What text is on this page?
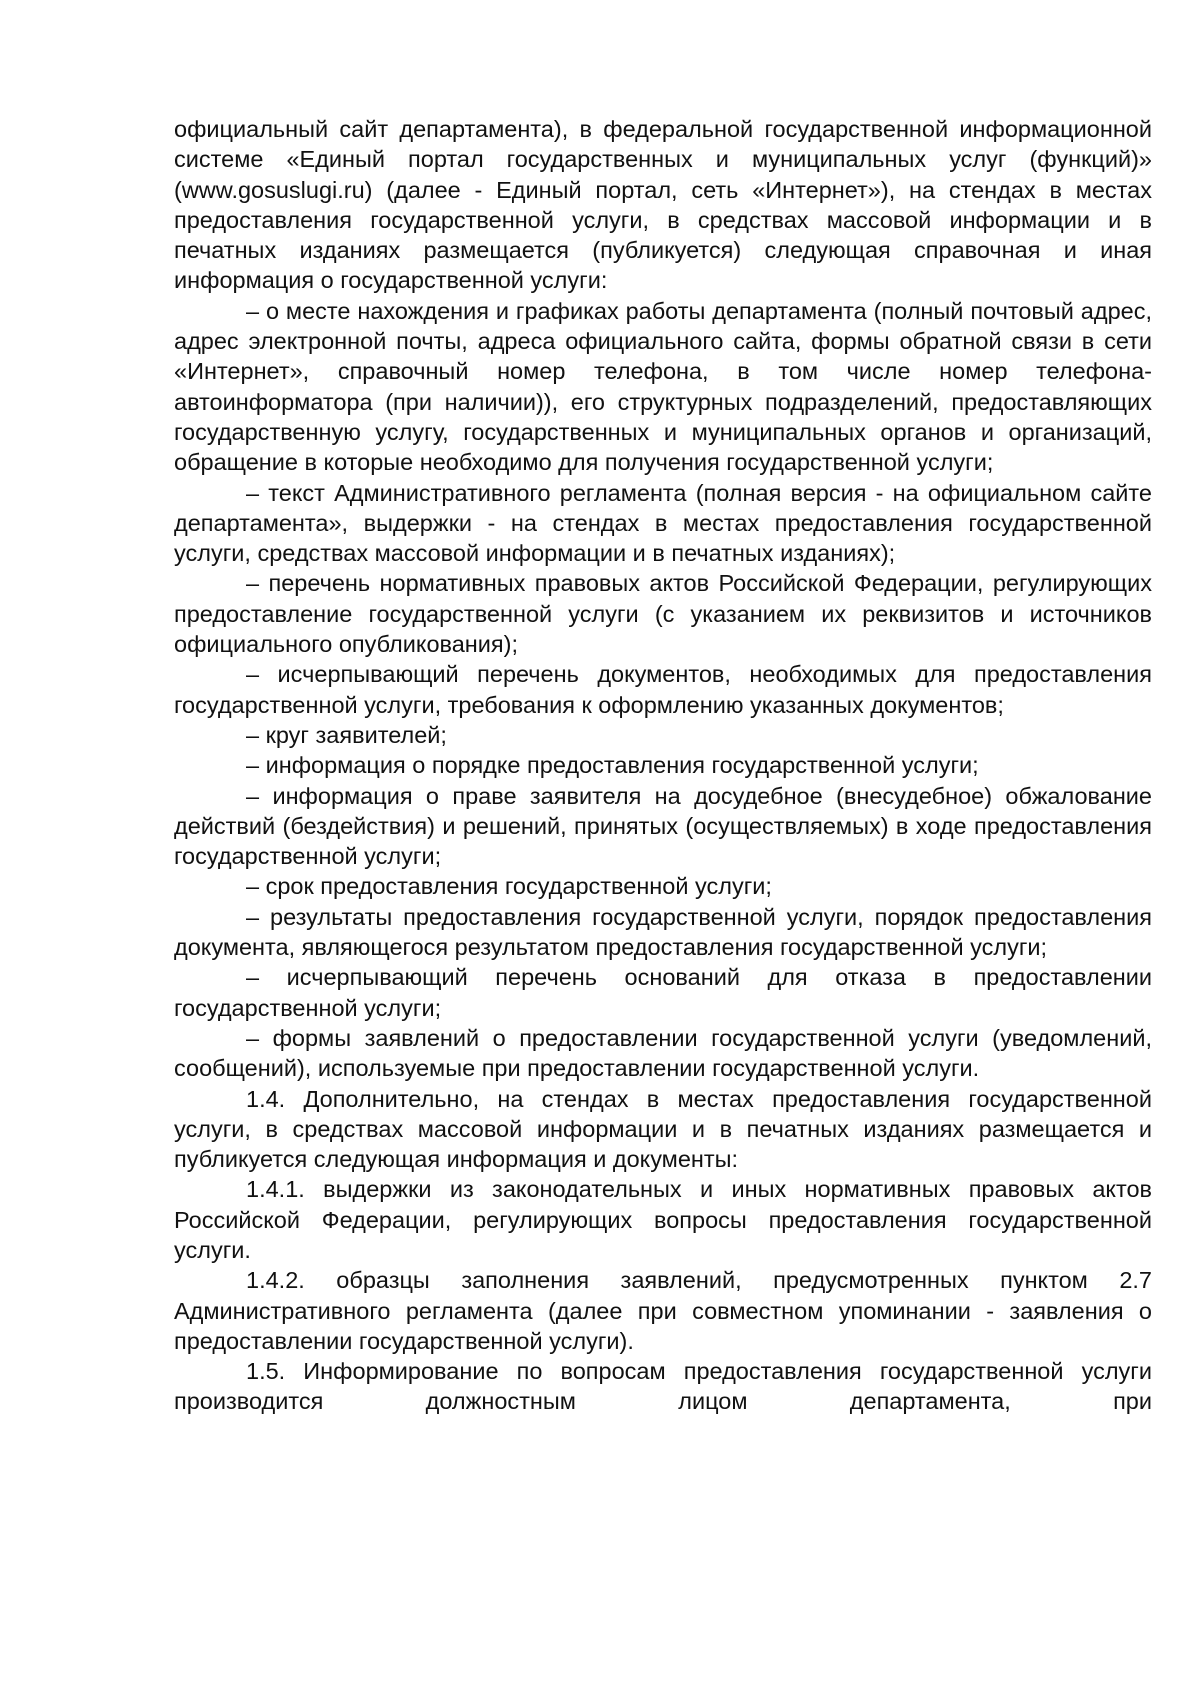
официальный сайт департамента), в федеральной государственной информационной системе «Единый портал государственных и муниципальных услуг (функций)» (www.gosuslugi.ru) (далее - Единый портал, сеть «Интернет»), на стендах в местах предоставления государственной услуги, в средствах массовой информации и в печатных изданиях размещается (публикуется) следующая справочная и иная информация о государственной услуги:

– о месте нахождения и графиках работы департамента (полный почтовый адрес, адрес электронной почты, адреса официального сайта, формы обратной связи в сети «Интернет», справочный номер телефона, в том числе номер телефона-автоинформатора (при наличии)), его структурных подразделений, предоставляющих государственную услугу, государственных и муниципальных органов и организаций, обращение в которые необходимо для получения государственной услуги;

– текст Административного регламента (полная версия - на официальном сайте департамента», выдержки - на стендах в местах предоставления государственной услуги, средствах массовой информации и в печатных изданиях);

– перечень нормативных правовых актов Российской Федерации, регулирующих предоставление государственной услуги (с указанием их реквизитов и источников официального опубликования);

– исчерпывающий перечень документов, необходимых для предоставления государственной услуги, требования к оформлению указанных документов;

– круг заявителей;

– информация о порядке предоставления государственной услуги;

– информация о праве заявителя на досудебное (внесудебное) обжалование действий (бездействия) и решений, принятых (осуществляемых) в ходе предоставления государственной услуги;

– срок предоставления государственной услуги;

– результаты предоставления государственной услуги, порядок предоставления документа, являющегося результатом предоставления государственной услуги;

– исчерпывающий перечень оснований для отказа в предоставлении государственной услуги;

– формы заявлений о предоставлении государственной услуги (уведомлений, сообщений), используемые при предоставлении государственной услуги.

1.4. Дополнительно, на стендах в местах предоставления государственной услуги, в средствах массовой информации и в печатных изданиях размещается и публикуется следующая информация и документы:

1.4.1. выдержки из законодательных и иных нормативных правовых актов Российской Федерации, регулирующих вопросы предоставления государственной услуги.

1.4.2. образцы заполнения заявлений, предусмотренных пунктом 2.7 Административного регламента (далее при совместном упоминании - заявления о предоставлении государственной услуги).

1.5. Информирование по вопросам предоставления государственной услуги производится должностным лицом департамента, при
